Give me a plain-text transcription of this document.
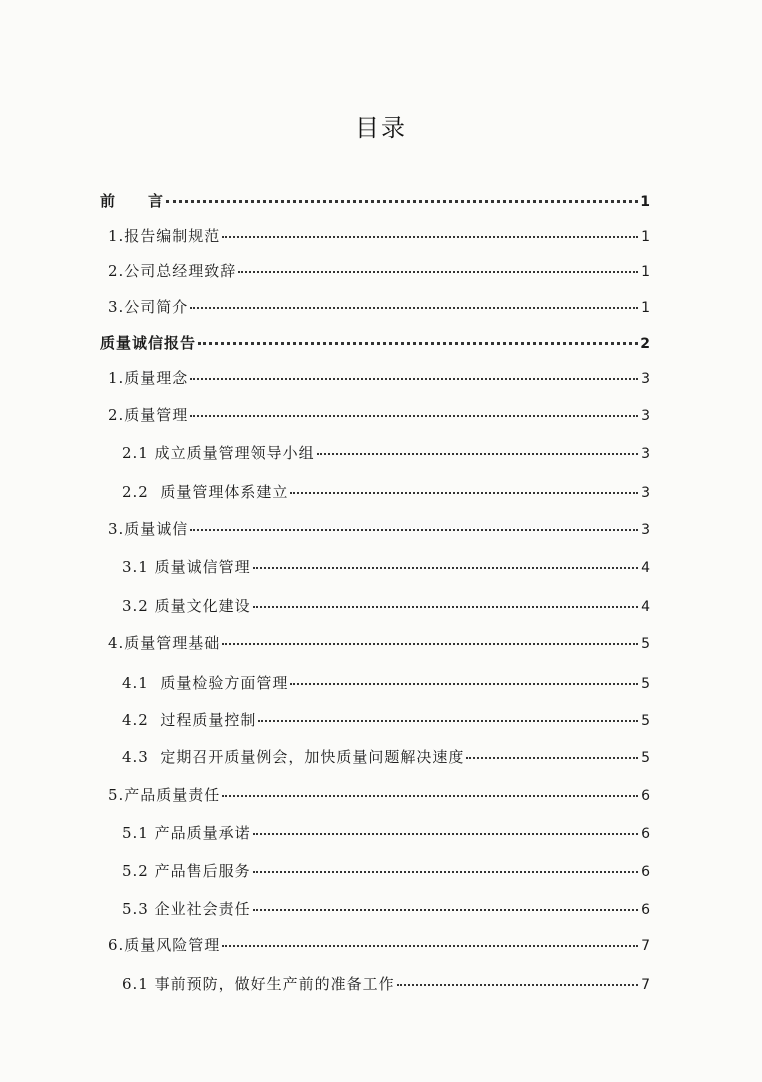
目录
前　　言	1
1.报告编制规范	1
2.公司总经理致辞	1
3.公司简介	1
质量诚信报告	2
1.质量理念	3
2.质量管理	3
2.1 成立质量管理领导小组	3
2.2  质量管理体系建立	3
3.质量诚信	3
3.1 质量诚信管理	4
3.2 质量文化建设	4
4.质量管理基础	5
4.1  质量检验方面管理	5
4.2  过程质量控制	5
4.3  定期召开质量例会，加快质量问题解决速度	5
5.产品质量责任	6
5.1 产品质量承诺	6
5.2 产品售后服务	6
5.3 企业社会责任	6
6.质量风险管理	7
6.1 事前预防，做好生产前的准备工作	7
